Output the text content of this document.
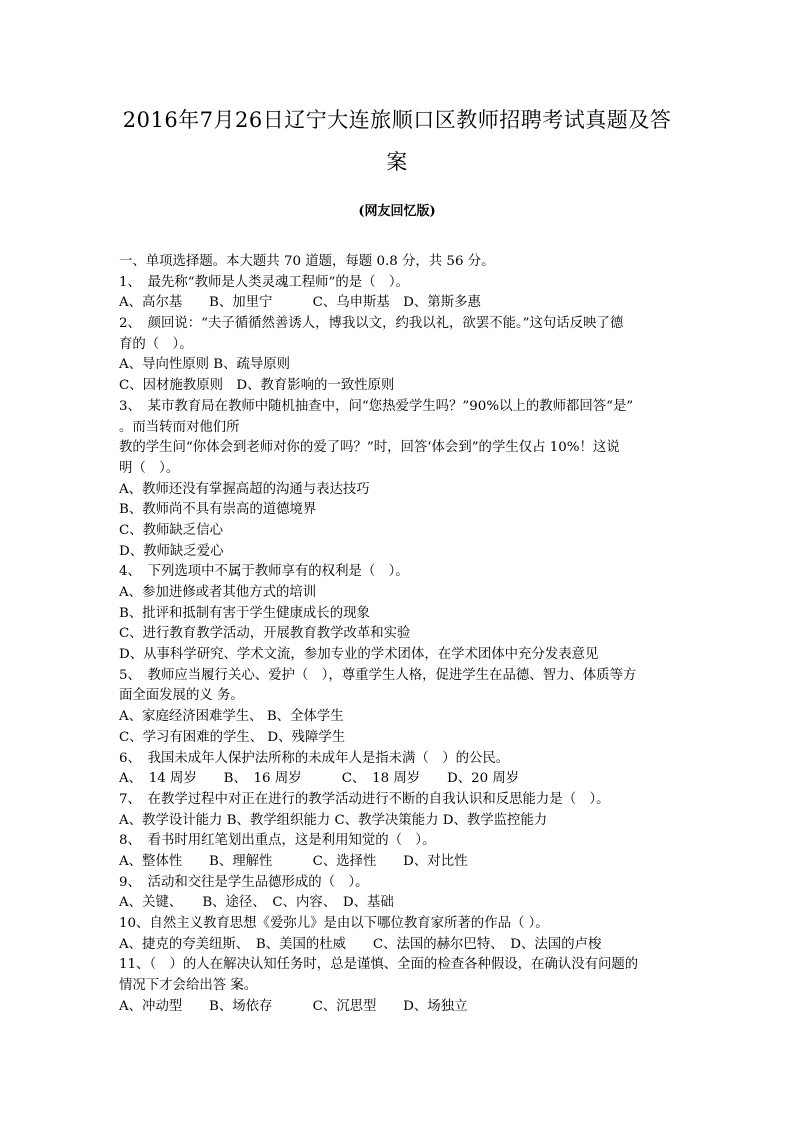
2016年7月26日辽宁大连旅顺口区教师招聘考试真题及答
案
(网友回忆版)
一、单项选择题。本大题共 70 道题，每题 0.8 分，共 56 分。
1、　最先称“教师是人类灵魂工程师”的是（　）。
A、高尔基　　B、加里宁　　　C、乌申斯基　D、第斯多惠
2、　颜回说：“夫子循循然善诱人，博我以文，约我以礼，欲罢不能。”这句话反映了德
育的（　）。
A、导向性原则 B、疏导原则
C、因材施教原则　D、教育影响的一致性原则
3、　某市教育局在教师中随机抽查中，问“您热爱学生吗？”90%以上的教师都回答“是”
。而当转而对他们所
教的学生问“你体会到老师对你的爱了吗？”时，回答‘体会到”的学生仅占 10%！这说
明（　）。
A、教师还没有掌握高超的沟通与表达技巧
B、教师尚不具有崇高的道德境界
C、教师缺乏信心
D、教师缺乏爱心
4、　下列选项中不属于教师享有的权利是（　）。
A、参加进修或者其他方式的培训
B、批评和抵制有害于学生健康成长的现象
C、进行教育教学活动，开展教育教学改革和实验
D、从事科学研究、学术文流，参加专业的学术团体，在学术团体中充分发表意见
5、　教师应当履行关心、爱护（　），尊重学生人格，促进学生在品德、智力、体质等方
面全面发展的义 务。
A、家庭经济困难学生、 B、全体学生
C、学习有困难的学生、 D、残障学生
6、　我国未成年人保护法所称的未成年人是指未满（　）的公民。
A、　14 周岁　　B、　16 周岁　　　C、　18 周岁　　D、20 周岁
7、　在教学过程中对正在进行的教学活动进行不断的自我认识和反思能力是（　）。
A、教学设计能力 B、教学组织能力 C、教学决策能力 D、教学监控能力
8、　看书时用红笔划出重点，这是利用知觉的（　）。
A、整体性　　B、理解性　　　C、选择性　　D、对比性
9、　活动和交往是学生品德形成的（　）。
A、关键、　　B、途径、　C、内容、　D、基础
10、自然主义教育思想《爱弥儿》是由以下哪位教育家所著的作品（ ）。
A、捷克的夸美纽斯、　B、美国的杜威　　C、法国的赫尔巴特、　D、法国的卢梭
11、（　）的人在解决认知任务时，总是谨慎、全面的检查各种假设，在确认没有问题的
情况下才会给出答 案。
A、冲动型　　B、场依存　　　C、沉思型　　D、场独立
